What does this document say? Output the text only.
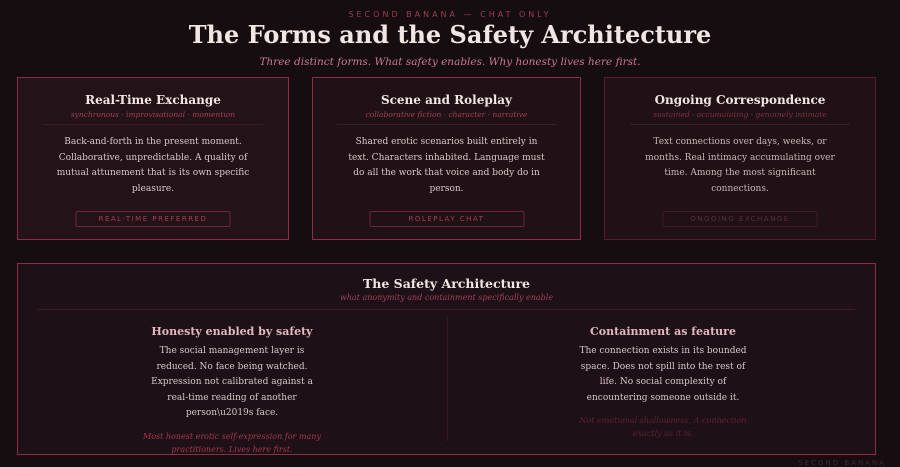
SECOND BANANA — CHAT ONLY
The Forms and the Safety Architecture
Three distinct forms. What safety enables. Why honesty lives here first.
Real-Time Exchange
synchronous · improvisational · momentum
Back-and-forth in the present moment. Collaborative, unpredictable. A quality of mutual attunement that is its own specific pleasure.
REAL-TIME PREFERRED
Scene and Roleplay
collaborative fiction · character · narrative
Shared erotic scenarios built entirely in text. Characters inhabited. Language must do all the work that voice and body do in person.
ROLEPLAY CHAT
Ongoing Correspondence
sustained · accumulating · genuinely intimate
Text connections over days, weeks, or months. Real intimacy accumulating over time. Among the most significant connections.
ONGOING EXCHANGE
The Safety Architecture
what anonymity and containment specifically enable
Honesty enabled by safety
The social management layer is reduced. No face being watched. Expression not calibrated against a real-time reading of another person\u2019s face.
Most honest erotic self-expression for many practitioners. Lives here first.
Containment as feature
The connection exists in its bounded space. Does not spill into the rest of life. No social complexity of encountering someone outside it.
Not emotional shallowness. A connection exactly as it is.
SECOND BANANA
